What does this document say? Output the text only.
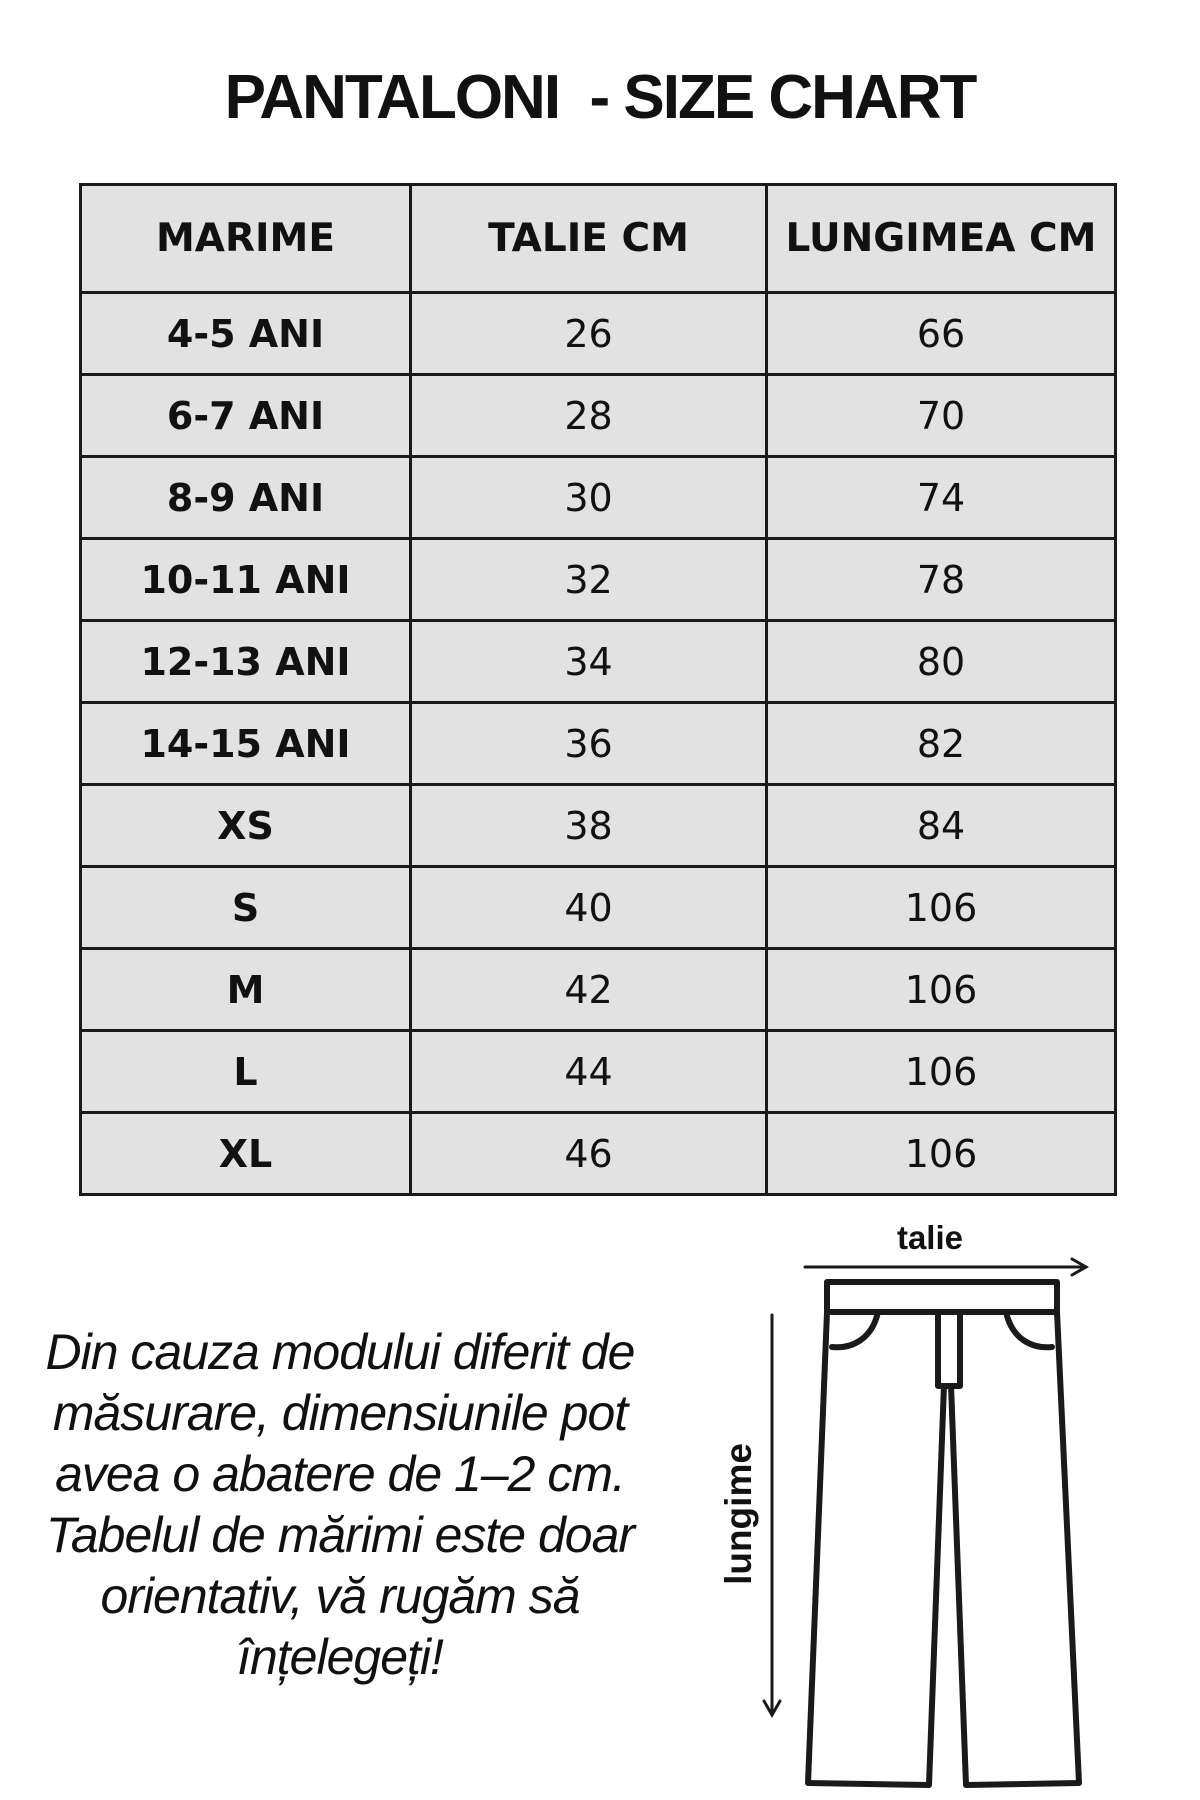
PANTALONI  - SIZE CHART
MARIME	TALIE CM	LUNGIMEA CM
4-5 ANI	26	66
6-7 ANI	28	70
8-9 ANI	30	74
10-11 ANI	32	78
12-13 ANI	34	80
14-15 ANI	36	82
XS	38	84
S	40	106
M	42	106
L	44	106
XL	46	106

Din cauza modului diferit de măsurare, dimensiunile pot avea o abatere de 1–2 cm. Tabelul de mărimi este doar orientativ, vă rugăm să înțelegeți!

talie
lungime
